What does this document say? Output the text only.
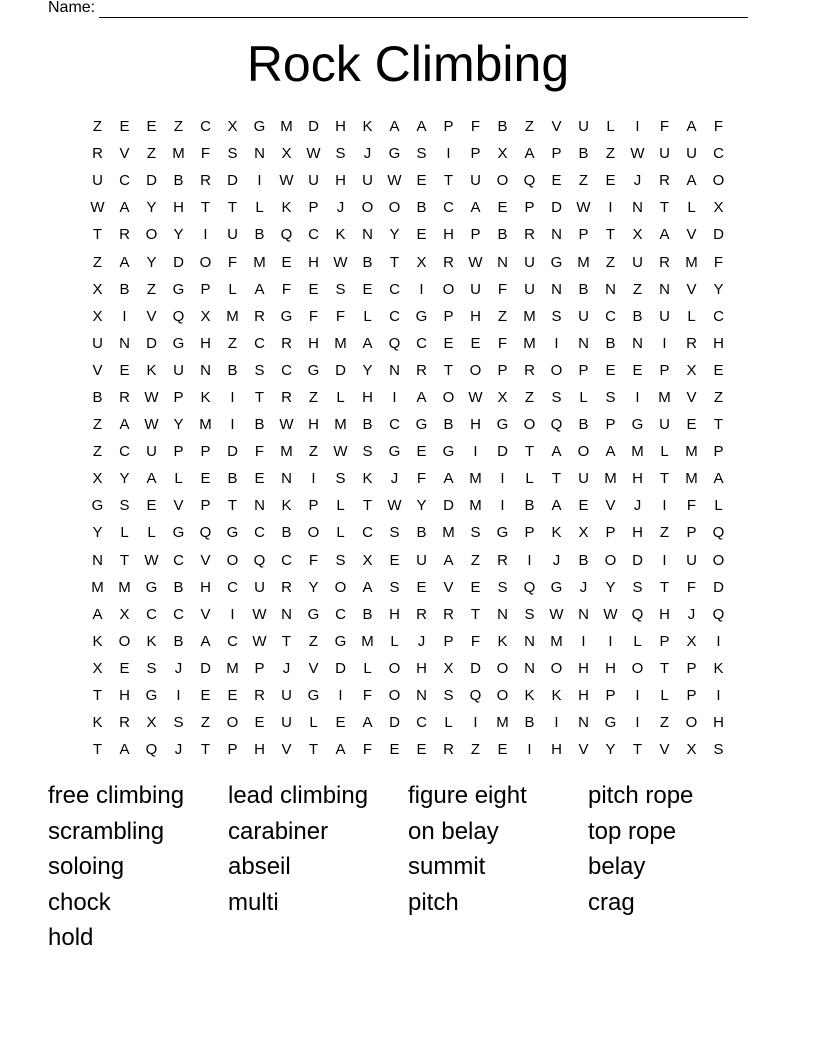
Name:
Rock Climbing
Z	E	E	Z	C	X	G	M	D	H	K	A	A	P	F	B	Z	V	U	L	I	F	A	F
R	V	Z	M	F	S	N	X	W	S	J	G	S	I	P	X	A	P	B	Z	W	U	U	C
U	C	D	B	R	D	I	W	U	H	U	W	E	T	U	O	Q	E	Z	E	J	R	A	O
W	A	Y	H	T	T	L	K	P	J	O	O	B	C	A	E	P	D	W	I	N	T	L	X
T	R	O	Y	I	U	B	Q	C	K	N	Y	E	H	P	B	R	N	P	T	X	A	V	D
Z	A	Y	D	O	F	M	E	H	W	B	T	X	R	W	N	U	G	M	Z	U	R	M	F
X	B	Z	G	P	L	A	F	E	S	E	C	I	O	U	F	U	N	B	N	Z	N	V	Y
X	I	V	Q	X	M	R	G	F	F	L	C	G	P	H	Z	M	S	U	C	B	U	L	C
U	N	D	G	H	Z	C	R	H	M	A	Q	C	E	E	F	M	I	N	B	N	I	R	H
V	E	K	U	N	B	S	C	G	D	Y	N	R	T	O	P	R	O	P	E	E	P	X	E
B	R	W	P	K	I	T	R	Z	L	H	I	A	O	W	X	Z	S	L	S	I	M	V	Z
Z	A	W	Y	M	I	B	W	H	M	B	C	G	B	H	G	O	Q	B	P	G	U	E	T
Z	C	U	P	P	D	F	M	Z	W	S	G	E	G	I	D	T	A	O	A	M	L	M	P
X	Y	A	L	E	B	E	N	I	S	K	J	F	A	M	I	L	T	U	M	H	T	M	A
G	S	E	V	P	T	N	K	P	L	T	W	Y	D	M	I	B	A	E	V	J	I	F	L
Y	L	L	G	Q	G	C	B	O	L	C	S	B	M	S	G	P	K	X	P	H	Z	P	Q
N	T	W	C	V	O	Q	C	F	S	X	E	U	A	Z	R	I	J	B	O	D	I	U	O
M	M	G	B	H	C	U	R	Y	O	A	S	E	V	E	S	Q	G	J	Y	S	T	F	D
A	X	C	C	V	I	W	N	G	C	B	H	R	R	T	N	S	W	N	W	Q	H	J	Q
K	O	K	B	A	C	W	T	Z	G	M	L	J	P	F	K	N	M	I	I	L	P	X	I
X	E	S	J	D	M	P	J	V	D	L	O	H	X	D	O	N	O	H	H	O	T	P	K
T	H	G	I	E	E	R	U	G	I	F	O	N	S	Q	O	K	K	H	P	I	L	P	I
K	R	X	S	Z	O	E	U	L	E	A	D	C	L	I	M	B	I	N	G	I	Z	O	H
T	A	Q	J	T	P	H	V	T	A	F	E	E	R	Z	E	I	H	V	Y	T	V	X	S
free climbing	lead climbing	figure eight	pitch rope
scrambling	carabiner	on belay	top rope
soloing	abseil	summit	belay
chock	multi	pitch	crag
hold
